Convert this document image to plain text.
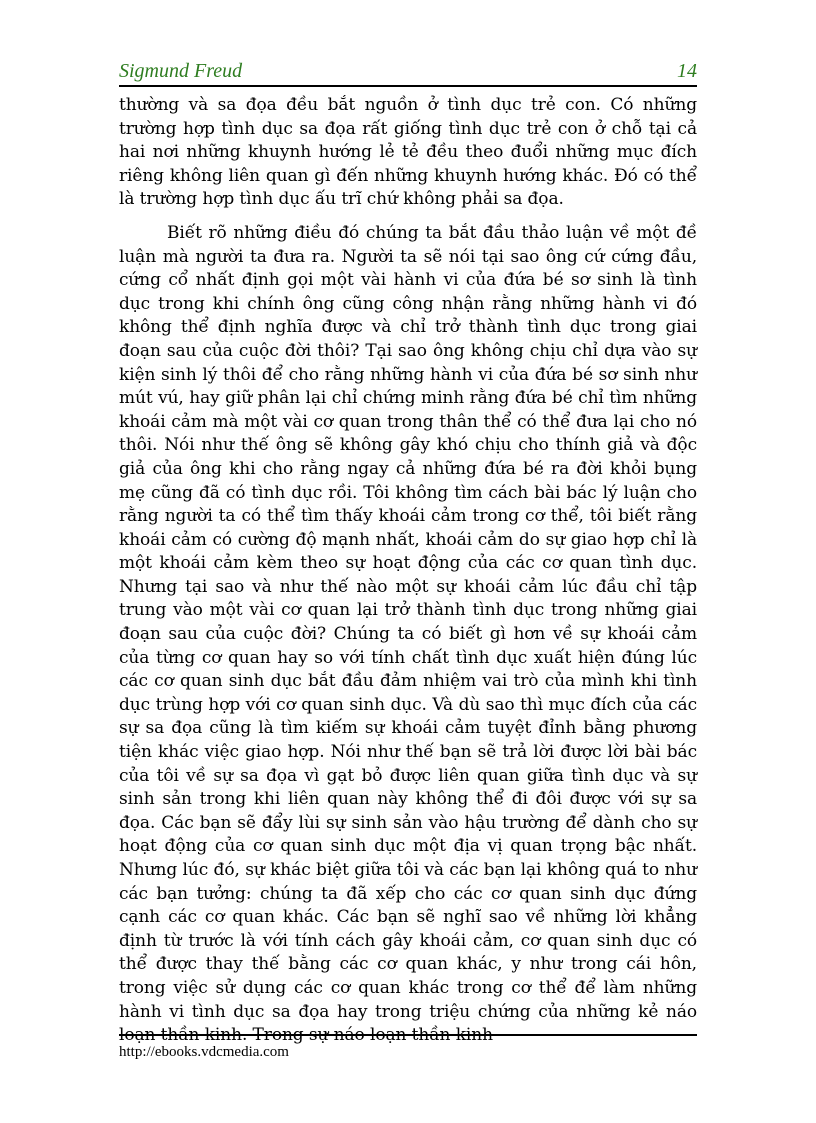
Sigmund Freud	14

thường và sa đọa đều bắt nguồn ở tình dục trẻ con. Có những trường hợp tình dục sa đọa rất giống tình dục trẻ con ở chỗ tại cả hai nơi những khuynh hướng lẻ tẻ đều theo đuổi những mục đích riêng không liên quan gì đến những khuynh hướng khác. Đó có thể là trường hợp tình dục ấu trĩ chứ không phải sa đọa.

Biết rõ những điều đó chúng ta bắt đầu thảo luận về một đề luận mà người ta đưa ra. Người ta sẽ nói tại sao ông cứ cứng đầu, cứng cổ nhất định gọi một vài hành vi của đứa bé sơ sinh là tình dục trong khi chính ông cũng công nhận rằng những hành vi đó không thể định nghĩa được và chỉ trở thành tình dục trong giai đoạn sau của cuộc đời thôi? Tại sao ông không chịu chỉ dựa vào sự kiện sinh lý thôi để cho rằng những hành vi của đứa bé sơ sinh như mút vú, hay giữ phân lại chỉ chứng minh rằng đứa bé chỉ tìm những khoái cảm mà một vài cơ quan trong thân thể có thể đưa lại cho nó thôi. Nói như thế ông sẽ không gây khó chịu cho thính giả và độc giả của ông khi cho rằng ngay cả những đứa bé ra đời khỏi bụng mẹ cũng đã có tình dục rồi. Tôi không tìm cách bài bác lý luận cho rằng người ta có thể tìm thấy khoái cảm trong cơ thể, tôi biết rằng khoái cảm có cường độ mạnh nhất, khoái cảm do sự giao hợp chỉ là một khoái cảm kèm theo sự hoạt động của các cơ quan tình dục. Nhưng tại sao và như thế nào một sự khoái cảm lúc đầu chỉ tập trung vào một vài cơ quan lại trở thành tình dục trong những giai đoạn sau của cuộc đời? Chúng ta có biết gì hơn về sự khoái cảm của từng cơ quan hay so với tính chất tình dục xuất hiện đúng lúc các cơ quan sinh dục bắt đầu đảm nhiệm vai trò của mình khi tình dục trùng hợp với cơ quan sinh dục. Và dù sao thì mục đích của các sự sa đọa cũng là tìm kiếm sự khoái cảm tuyệt đỉnh bằng phương tiện khác việc giao hợp. Nói như thế bạn sẽ trả lời được lời bài bác của tôi về sự sa đọa vì gạt bỏ được liên quan giữa tình dục và sự sinh sản trong khi liên quan này không thể đi đôi được với sự sa đọa. Các bạn sẽ đẩy lùi sự sinh sản vào hậu trường để dành cho sự hoạt động của cơ quan sinh dục một địa vị quan trọng bậc nhất. Nhưng lúc đó, sự khác biệt giữa tôi và các bạn lại không quá to như các bạn tưởng: chúng ta đã xếp cho các cơ quan sinh dục đứng cạnh các cơ quan khác. Các bạn sẽ nghĩ sao về những lời khẳng định từ trước là với tính cách gây khoái cảm, cơ quan sinh dục có thể được thay thế bằng các cơ quan khác, y như trong cái hôn, trong việc sử dụng các cơ quan khác trong cơ thể để làm những hành vi tình dục sa đọa hay trong triệu chứng của những kẻ náo loạn thần kinh. Trong sự náo loạn thần kinh

http://ebooks.vdcmedia.com
